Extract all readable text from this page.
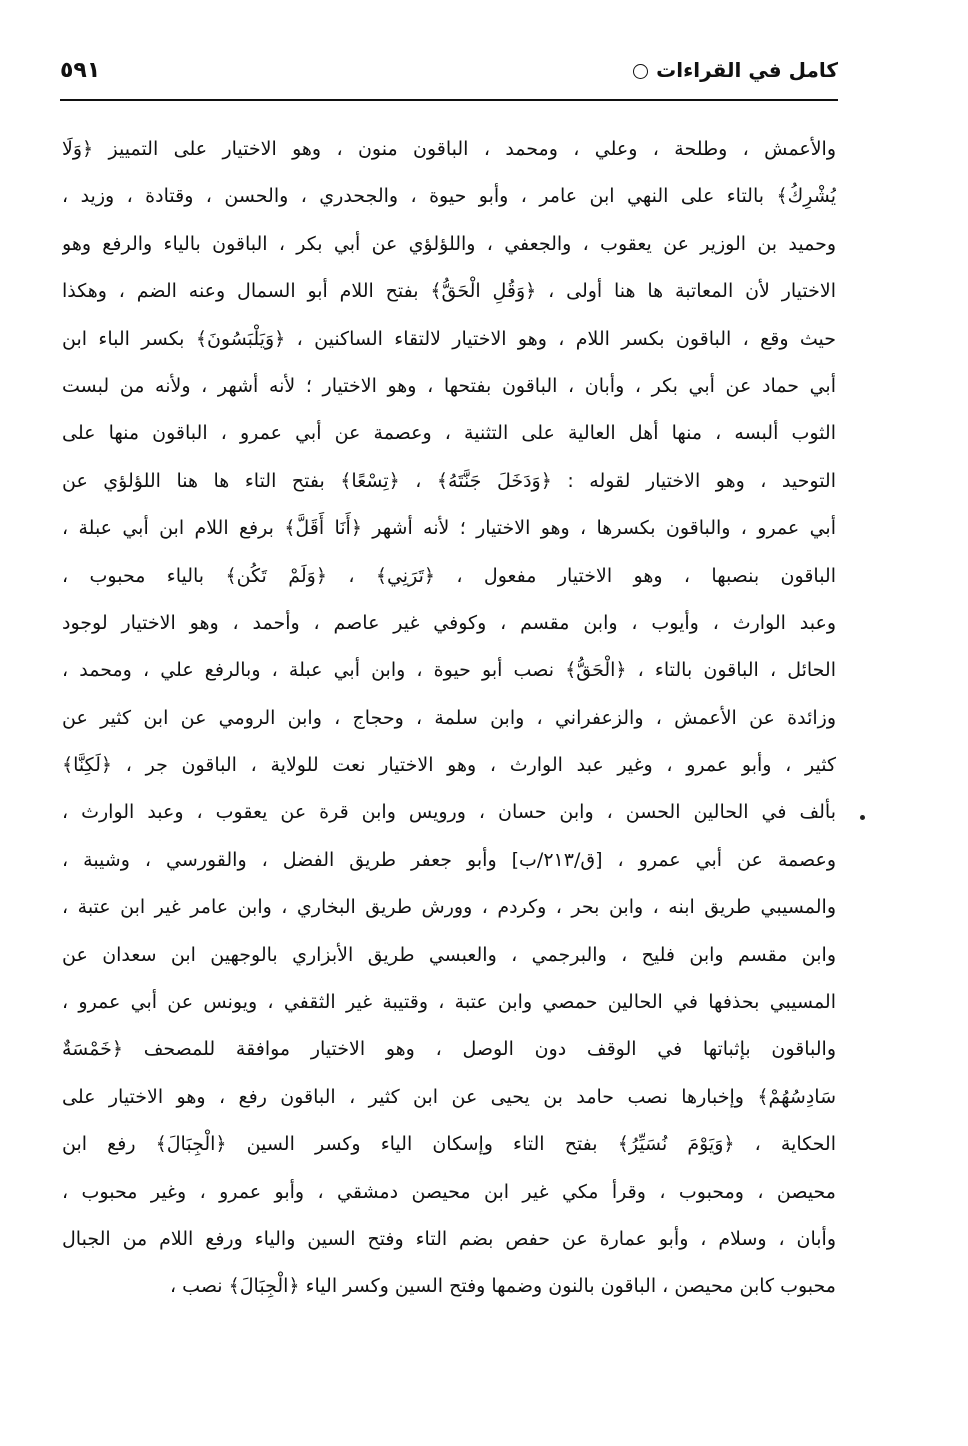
كامل في القراءات
٥٩١
والأعمش ، وطلحة ، وعلي ، ومحمد ، الباقون منون ، وهو الاختيار على التمييز ﴿وَلَا
يُشْرِكُ﴾ بالتاء على النهي ابن عامر ، وأبو حيوة ، والجحدري ، والحسن ، وقتادة ، وزيد ،
وحميد بن الوزير عن يعقوب ، والجعفي ، واللؤلؤي عن أبي بكر ، الباقون بالياء والرفع وهو
الاختيار لأن المعاتبة ها هنا أولى ، ﴿وَقُلِ الْحَقُّ﴾ بفتح اللام أبو السمال وعنه الضم ، وهكذا
حيث وقع ، الباقون بكسر اللام ، وهو الاختيار لالتقاء الساكنين ، ﴿وَيَلْبَسُونَ﴾ بكسر الباء ابن
أبي حماد عن أبي بكر ، وأبان ، الباقون بفتحها ، وهو الاختيار ؛ لأنه أشهر ، ولأنه من لبست
الثوب ألبسه ، منها أهل العالية على التثنية ، وعصمة عن أبي عمرو ، الباقون منها على
التوحيد ، وهو الاختيار لقوله : ﴿وَدَخَلَ جَنَّتَهُ﴾ ، ﴿تِسْعًا﴾ بفتح التاء ها هنا اللؤلؤي عن
أبي عمرو ، والباقون بكسرها ، وهو الاختيار ؛ لأنه أشهر ﴿أَنَا أَقَلَّ﴾ برفع اللام ابن أبي عبلة ،
الباقون بنصبها ، وهو الاختيار مفعول ، ﴿تَرَنِي﴾ ، ﴿وَلَمْ تَكُن﴾ بالياء محبوب ،
وعبد الوارث ، وأيوب ، وابن مقسم ، وكوفي غير عاصم ، وأحمد ، وهو الاختيار لوجود
الحائل ، الباقون بالتاء ، ﴿الْحَقُّ﴾ نصب أبو حيوة ، وابن أبي عبلة ، وبالرفع علي ، ومحمد ،
وزائدة عن الأعمش ، والزعفراني ، وابن سلمة ، وحجاج ، وابن الرومي عن ابن كثير عن
كثير ، وأبو عمرو ، وغير عبد الوارث ، وهو الاختيار نعت للولاية ، الباقون جر ، ﴿لَكِنَّا﴾
بألف في الحالين الحسن ، وابن حسان ، ورويس وابن قرة عن يعقوب ، وعبد الوارث ،
وعصمة عن أبي عمرو ، [ق/٢١٣/ب] وأبو جعفر طريق الفضل ، والقورسي ، وشيبة ،
والمسيبي طريق ابنه ، وابن بحر ، وكردم ، وورش طريق البخاري ، وابن عامر غير ابن عتبة ،
وابن مقسم وابن فليح ، والبرجمي ، والعبسي طريق الأبزاري بالوجهين ابن سعدان عن
المسيبي بحذفها في الحالين حمصي وابن عتبة ، وقتيبة غير الثقفي ، ويونس عن أبي عمرو ،
والباقون بإثباتها في الوقف دون الوصل ، وهو الاختيار موافقة للمصحف ﴿خَمْسَةٌ
سَادِسُهُمْ﴾ وإخبارها نصب حامد بن يحيى عن ابن كثير ، الباقون رفع ، وهو الاختيار على
الحكاية ، ﴿وَيَوْمَ نُسَيِّرُ﴾ بفتح التاء وإسكان الياء وكسر السين ﴿الْجِبَالَ﴾ رفع ابن
محيصن ، ومحبوب ، وقرأ مكي غير ابن محيصن دمشقي ، وأبو عمرو ، وغير محبوب ،
وأبان ، وسلام ، وأبو عمارة عن حفص بضم التاء وفتح السين والياء ورفع اللام من الجبال
محبوب كابن محيصن ، الباقون بالنون وضمها وفتح السين وكسر الياء ﴿الْجِبَالَ﴾ نصب ،
